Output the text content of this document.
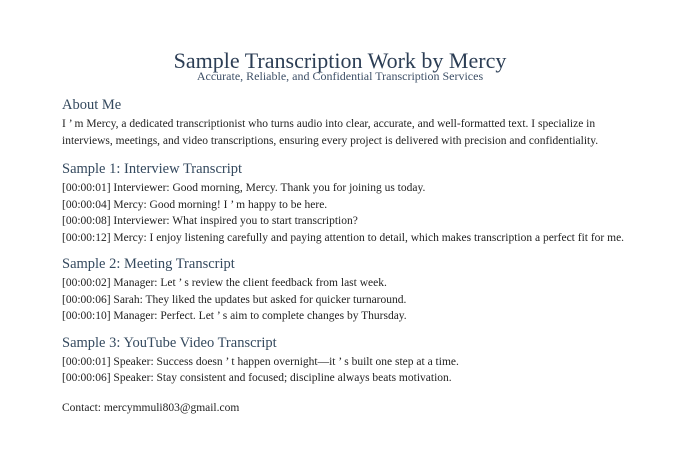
Sample Transcription Work by Mercy
Accurate, Reliable, and Confidential Transcription Services
About Me

I ’ m Mercy, a dedicated transcriptionist who turns audio into clear, accurate, and well-formatted text. I specialize in interviews, meetings, and video transcriptions, ensuring every project is delivered with precision and confidentiality.

Sample 1: Interview Transcript
[00:00:01] Interviewer: Good morning, Mercy. Thank you for joining us today.
[00:00:04] Mercy: Good morning! I ’ m happy to be here.
[00:00:08] Interviewer: What inspired you to start transcription?
[00:00:12] Mercy: I enjoy listening carefully and paying attention to detail, which makes transcription a perfect fit for me.
Sample 2: Meeting Transcript
[00:00:02] Manager: Let ’ s review the client feedback from last week.
[00:00:06] Sarah: They liked the updates but asked for quicker turnaround.
[00:00:10] Manager: Perfect. Let ’ s aim to complete changes by Thursday.
Sample 3: YouTube Video Transcript
[00:00:01] Speaker: Success doesn ’ t happen overnight—it ’ s built one step at a time.
[00:00:06] Speaker: Stay consistent and focused; discipline always beats motivation.
Contact: mercymmuli803@gmail.com
